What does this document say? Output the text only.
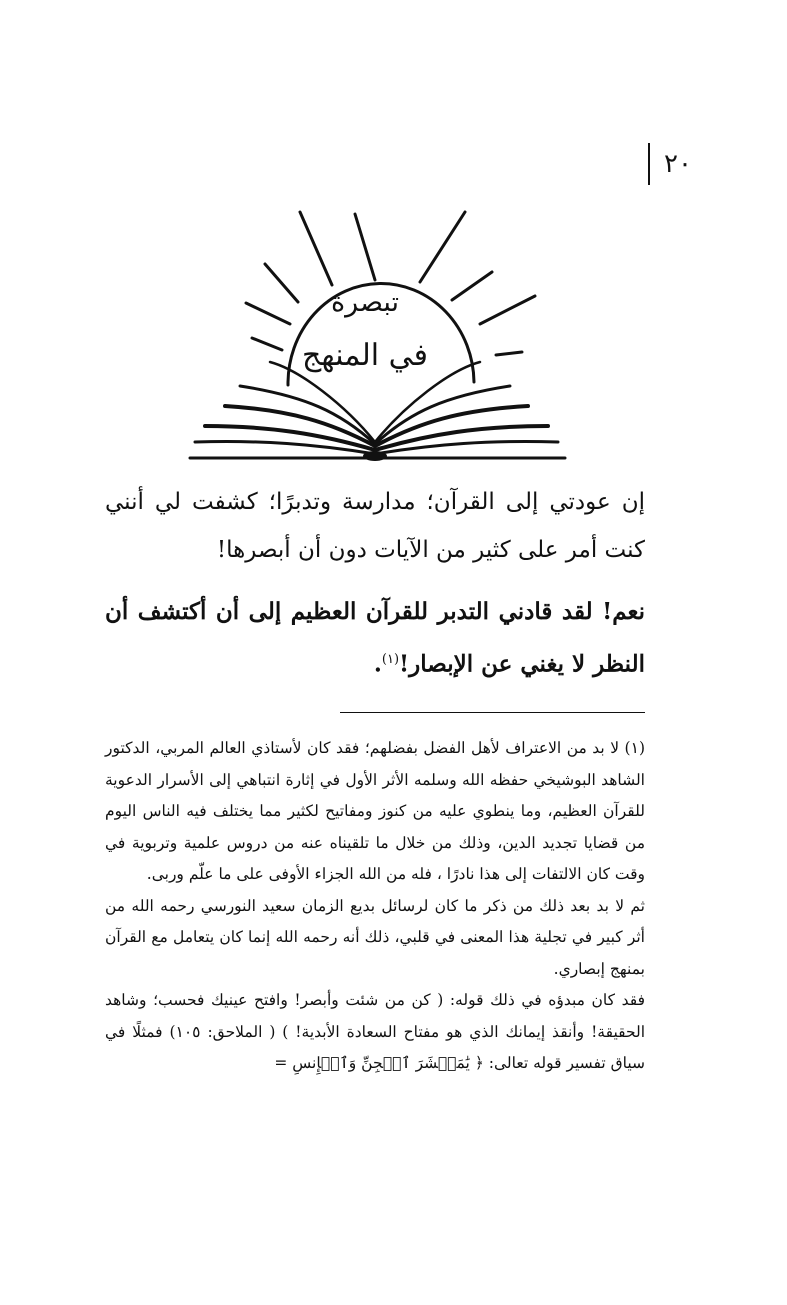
٢٠
تبصرة
في المنهج
إن عودتي إلى القرآن؛ مدارسة وتدبرًا؛ كشفت لي أنني كنت أمر على كثير من الآيات دون أن أبصرها!
نعم! لقد قادني التدبر للقرآن العظيم إلى أن أكتشف أن النظر لا يغني عن الإبصار!$^{(١)}$.

(١) لا بد من الاعتراف لأهل الفضل بفضلهم؛ فقد كان لأستاذي العالم المربي، الدكتور الشاهد البوشيخي حفظه الله وسلمه الأثر الأول في إثارة انتباهي إلى الأسرار الدعوية للقرآن العظيم، وما ينطوي عليه من كنوز ومفاتيح لكثير مما يختلف فيه الناس اليوم من قضايا تجديد الدين، وذلك من خلال ما تلقيناه عنه من دروس علمية وتربوية في وقت كان الالتفات إلى هذا نادرًا ، فله من الله الجزاء الأوفى على ما علّم وربى.

ثم لا بد بعد ذلك من ذكر ما كان لرسائل بديع الزمان سعيد النورسي رحمه الله من أثر كبير في تجلية هذا المعنى في قلبي، ذلك أنه رحمه الله إنما كان يتعامل مع القرآن بمنهج إبصاري.

فقد كان مبدؤه في ذلك قوله: ( كن من شئت وأبصر! وافتح عينيك فحسب؛ وشاهد الحقيقة! وأنقذ إيمانك الذي هو مفتاح السعادة الأبدية! ) ( الملاحق: ١٠٥) فمثلًا في سياق تفسير قوله تعالى: ﴿ يَٰمَعۡشَرَ ٱلۡجِنِّ وَٱلۡإِنسِ =
